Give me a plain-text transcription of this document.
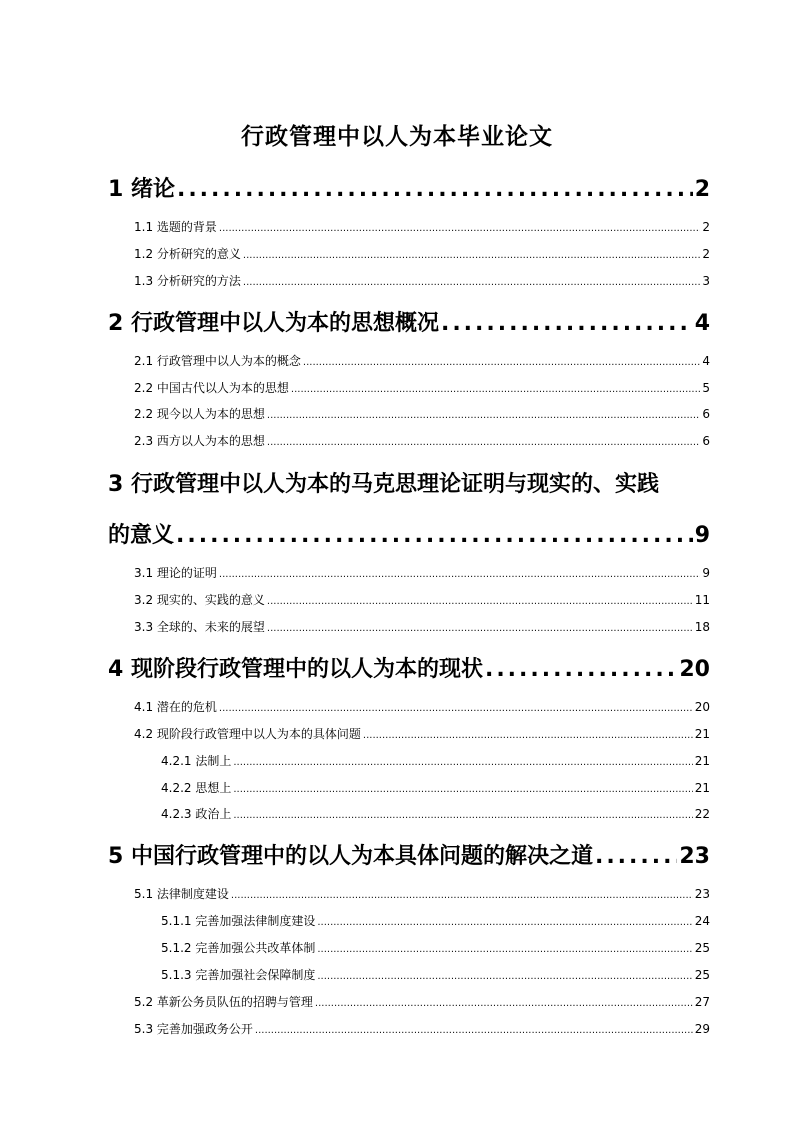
行政管理中以人为本毕业论文
1 绪论 .....	2
1.1 选题的背景 .....	2
1.2 分析研究的意义 .....	2
1.3 分析研究的方法 .....	3
2 行政管理中以人为本的思想概况 .....	4
2.1 行政管理中以人为本的概念 .....	4
2.2 中国古代以人为本的思想 .....	5
2.2 现今以人为本的思想 .....	6
2.3 西方以人为本的思想 .....	6
3 行政管理中以人为本的马克思理论证明与现实的、实践
的意义 .....	9
3.1 理论的证明 .....	9
3.2 现实的、实践的意义 .....	11
3.3 全球的、未来的展望 .....	18
4 现阶段行政管理中的以人为本的现状 .....	20
4.1 潜在的危机 .....	20
4.2 现阶段行政管理中以人为本的具体问题 .....	21
4.2.1 法制上 .....	21
4.2.2 思想上 .....	21
4.2.3 政治上 .....	22
5 中国行政管理中的以人为本具体问题的解决之道 .....	23
5.1 法律制度建设 .....	23
5.1.1 完善加强法律制度建设 .....	24
5.1.2 完善加强公共改革体制 .....	25
5.1.3 完善加强社会保障制度 .....	25
5.2 革新公务员队伍的招聘与管理 .....	27
5.3 完善加强政务公开 .....	29
